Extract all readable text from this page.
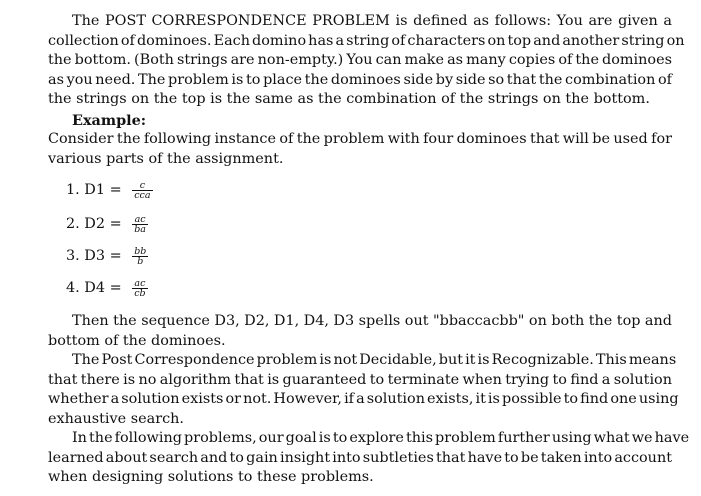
The POST CORRESPONDENCE PROBLEM is defined as follows: You are given a
collection of dominoes. Each domino has a string of characters on top and another string on
the bottom. (Both strings are non-empty.) You can make as many copies of the dominoes
as you need. The problem is to place the dominoes side by side so that the combination of
the strings on the top is the same as the combination of the strings on the bottom.
Example:
Consider the following instance of the problem with four dominoes that will be used for
various parts of the assignment.
1. $D1 = \frac{c}{\text{cca}}$
2. $D2 = \frac{ac}{ba}$
3. $D3 = \frac{bb}{b}$
4. $D4 = \frac{ac}{cb}$
Then the sequence D3, D2, D1, D4, D3 spells out "bbaccacbb" on both the top and
bottom of the dominoes.
The Post Correspondence problem is not Decidable, but it is Recognizable. This means
that there is no algorithm that is guaranteed to terminate when trying to find a solution
whether a solution exists or not. However, if a solution exists, it is possible to find one using
exhaustive search.
In the following problems, our goal is to explore this problem further using what we have
learned about search and to gain insight into subtleties that have to be taken into account
when designing solutions to these problems.
